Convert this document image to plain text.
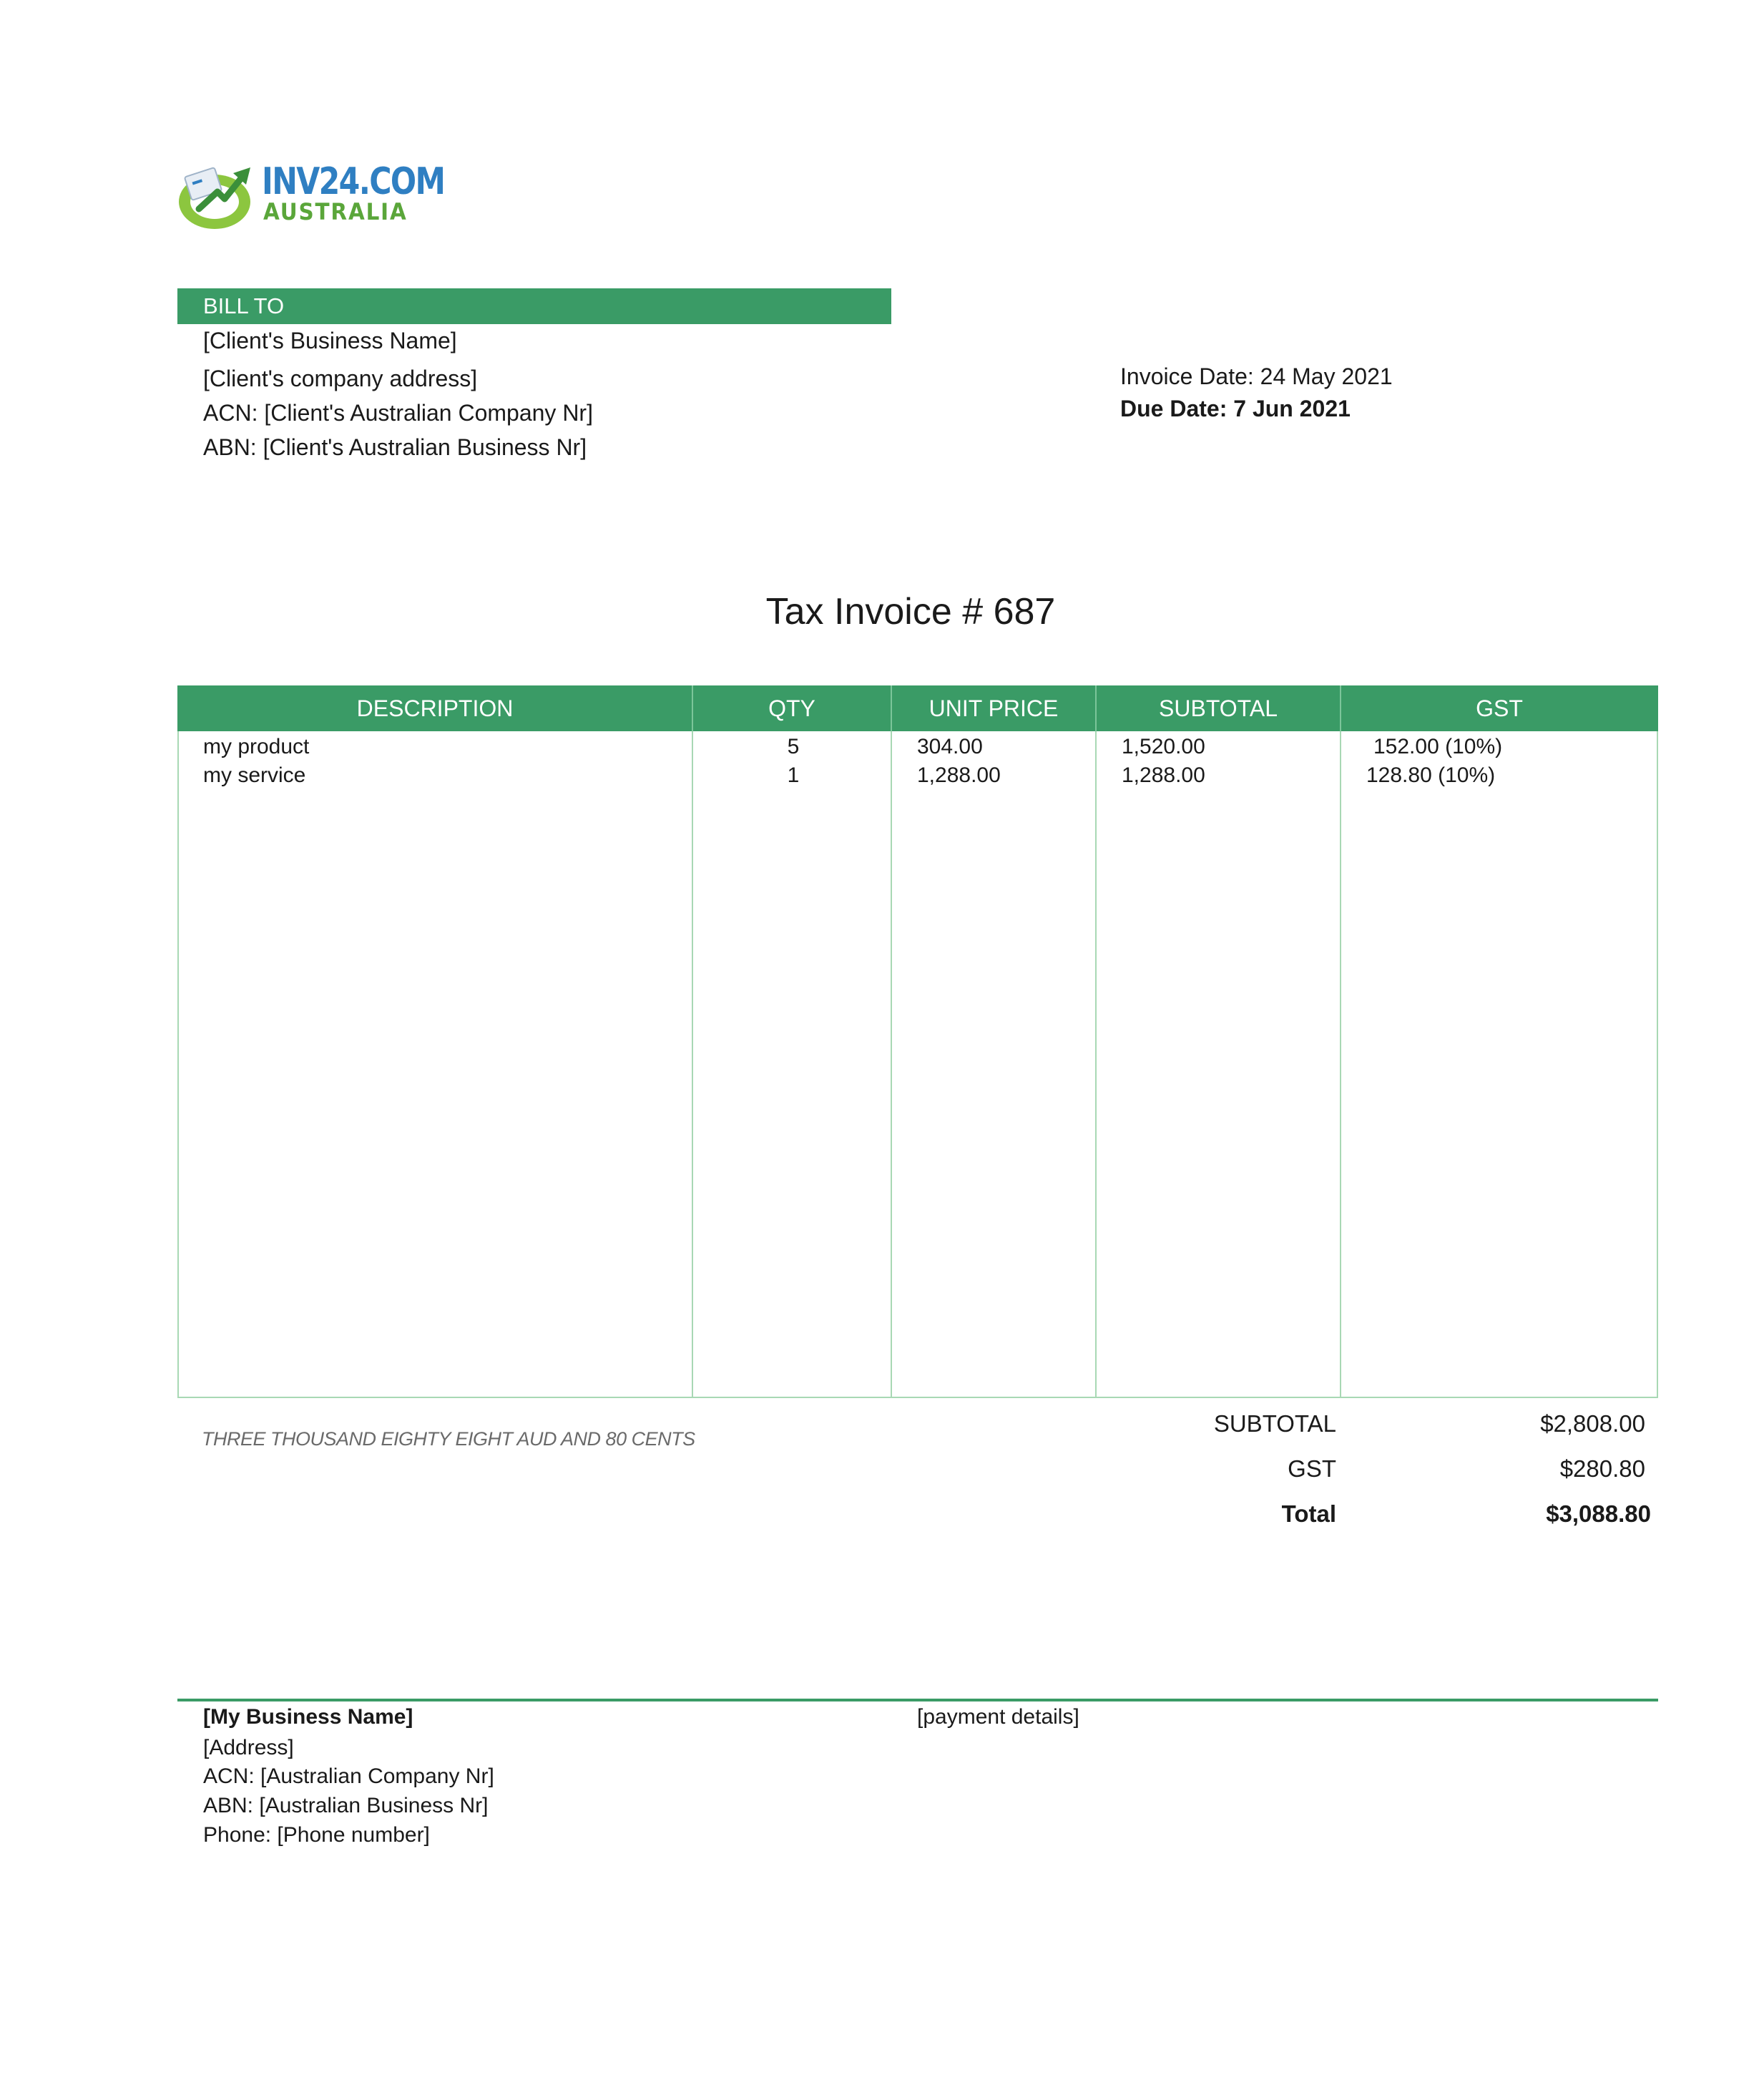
INV24.COM
AUSTRALIA
BILL TO
[Client's Business Name]
[Client's company address]
ACN: [Client's Australian Company Nr]
ABN: [Client's Australian Business Nr]
Invoice Date: 24 May 2021
Due Date: 7 Jun 2021
Tax Invoice # 687
DESCRIPTION	QTY	UNIT PRICE	SUBTOTAL	GST
my product	5	304.00	1,520.00	152.00 (10%)
my service	1	1,288.00	1,288.00	128.80 (10%)
THREE THOUSAND EIGHTY EIGHT AUD AND 80 CENTS
SUBTOTAL	$2,808.00
GST	$280.80
Total	$3,088.80
[My Business Name]
[Address]
ACN: [Australian Company Nr]
ABN: [Australian Business Nr]
Phone: [Phone number]
[payment details]
